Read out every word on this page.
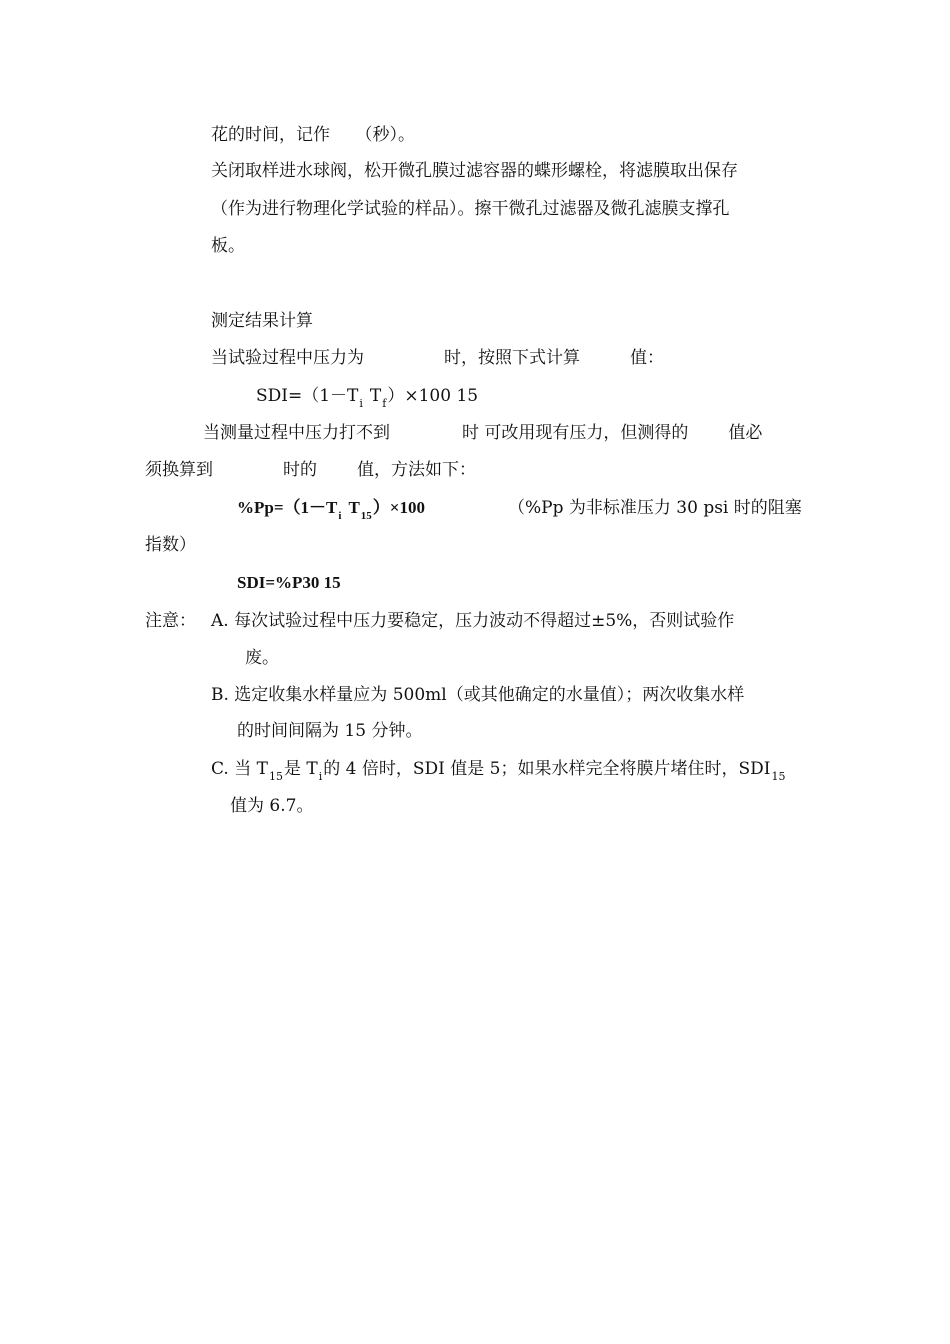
花的时间，记作　　（秒）。
关闭取样进水球阀，松开微孔膜过滤容器的蝶形螺栓，将滤膜取出保存
（作为进行物理化学试验的样品）。擦干微孔过滤器及微孔滤膜支撑孔
板。
测定结果计算
当试验过程中压力为	时，按照下式计算	值：
$SDI=(1-T_i$ $T_f)\times 100$ 15
当测量过程中压力打不到	时 可改用现有压力，但测得的 值必
须换算到	时的 值，方法如下：
$\%Pp=(1-T_i$ $T_{15})\times 100$	（%Pp 为非标准压力 30 psi 时的阻塞
指数）
SDI=%P30 15
注意： A. 每次试验过程中压力要稳定，压力波动不得超过±5%，否则试验作
废。
B. 选定收集水样量应为 500ml（或其他确定的水量值）；两次收集水样
的时间间隔为 15 分钟。
C. 当 $T_{15}$是 $T_i$的 4 倍时，SDI 值是 5；如果水样完全将膜片堵住时，$SDI_{15}$
值为 6.7。
